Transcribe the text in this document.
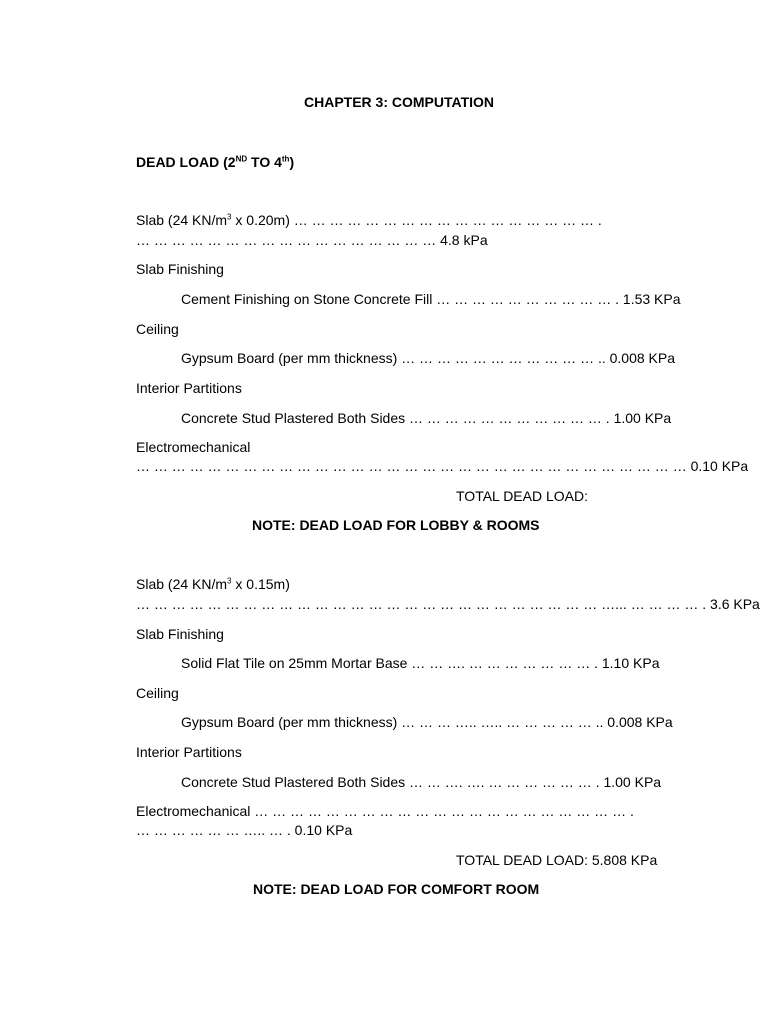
CHAPTER 3: COMPUTATION
DEAD LOAD (2ND TO 4th)
Slab (24 $KN/m^3$ x 0.20m) … … … … … … … … … … … … … … … … … .
… … … … … … … … … … … … … … … … … 4.8 kPa
Slab Finishing
Cement Finishing on Stone Concrete Fill … … … … … … … … … … . 1.53 KPa
Ceiling
Gypsum Board (per mm thickness) … … … … … … … … … … … .. 0.008 KPa
Interior Partitions
Concrete Stud Plastered Both Sides … … … … … … … … … … … . 1.00 KPa
Electromechanical
… … … … … … … … … … … … … … … … … … … … … … … … … … … … … … … 0.10 KPa
TOTAL DEAD LOAD:
NOTE: DEAD LOAD FOR LOBBY & ROOMS
Slab (24 $KN/m^3$ x 0.15m)
… … … … … … … … … … … … … … … … … … … … … … … … … … …... … … … … . 3.6 KPa
Slab Finishing
Solid Flat Tile on 25mm Mortar Base … … …. … … … … … … … . 1.10 KPa
Ceiling
Gypsum Board (per mm thickness) … … … ….. ….. … … … … … .. 0.008 KPa
Interior Partitions
Concrete Stud Plastered Both Sides … … …. …. … … … … … … . 1.00 KPa
Electromechanical … … … … … … … … … … … … … … … … … … … … … .
… … … … … … ….. … . 0.10 KPa
TOTAL DEAD LOAD: 5.808 KPa
NOTE: DEAD LOAD FOR COMFORT ROOM
